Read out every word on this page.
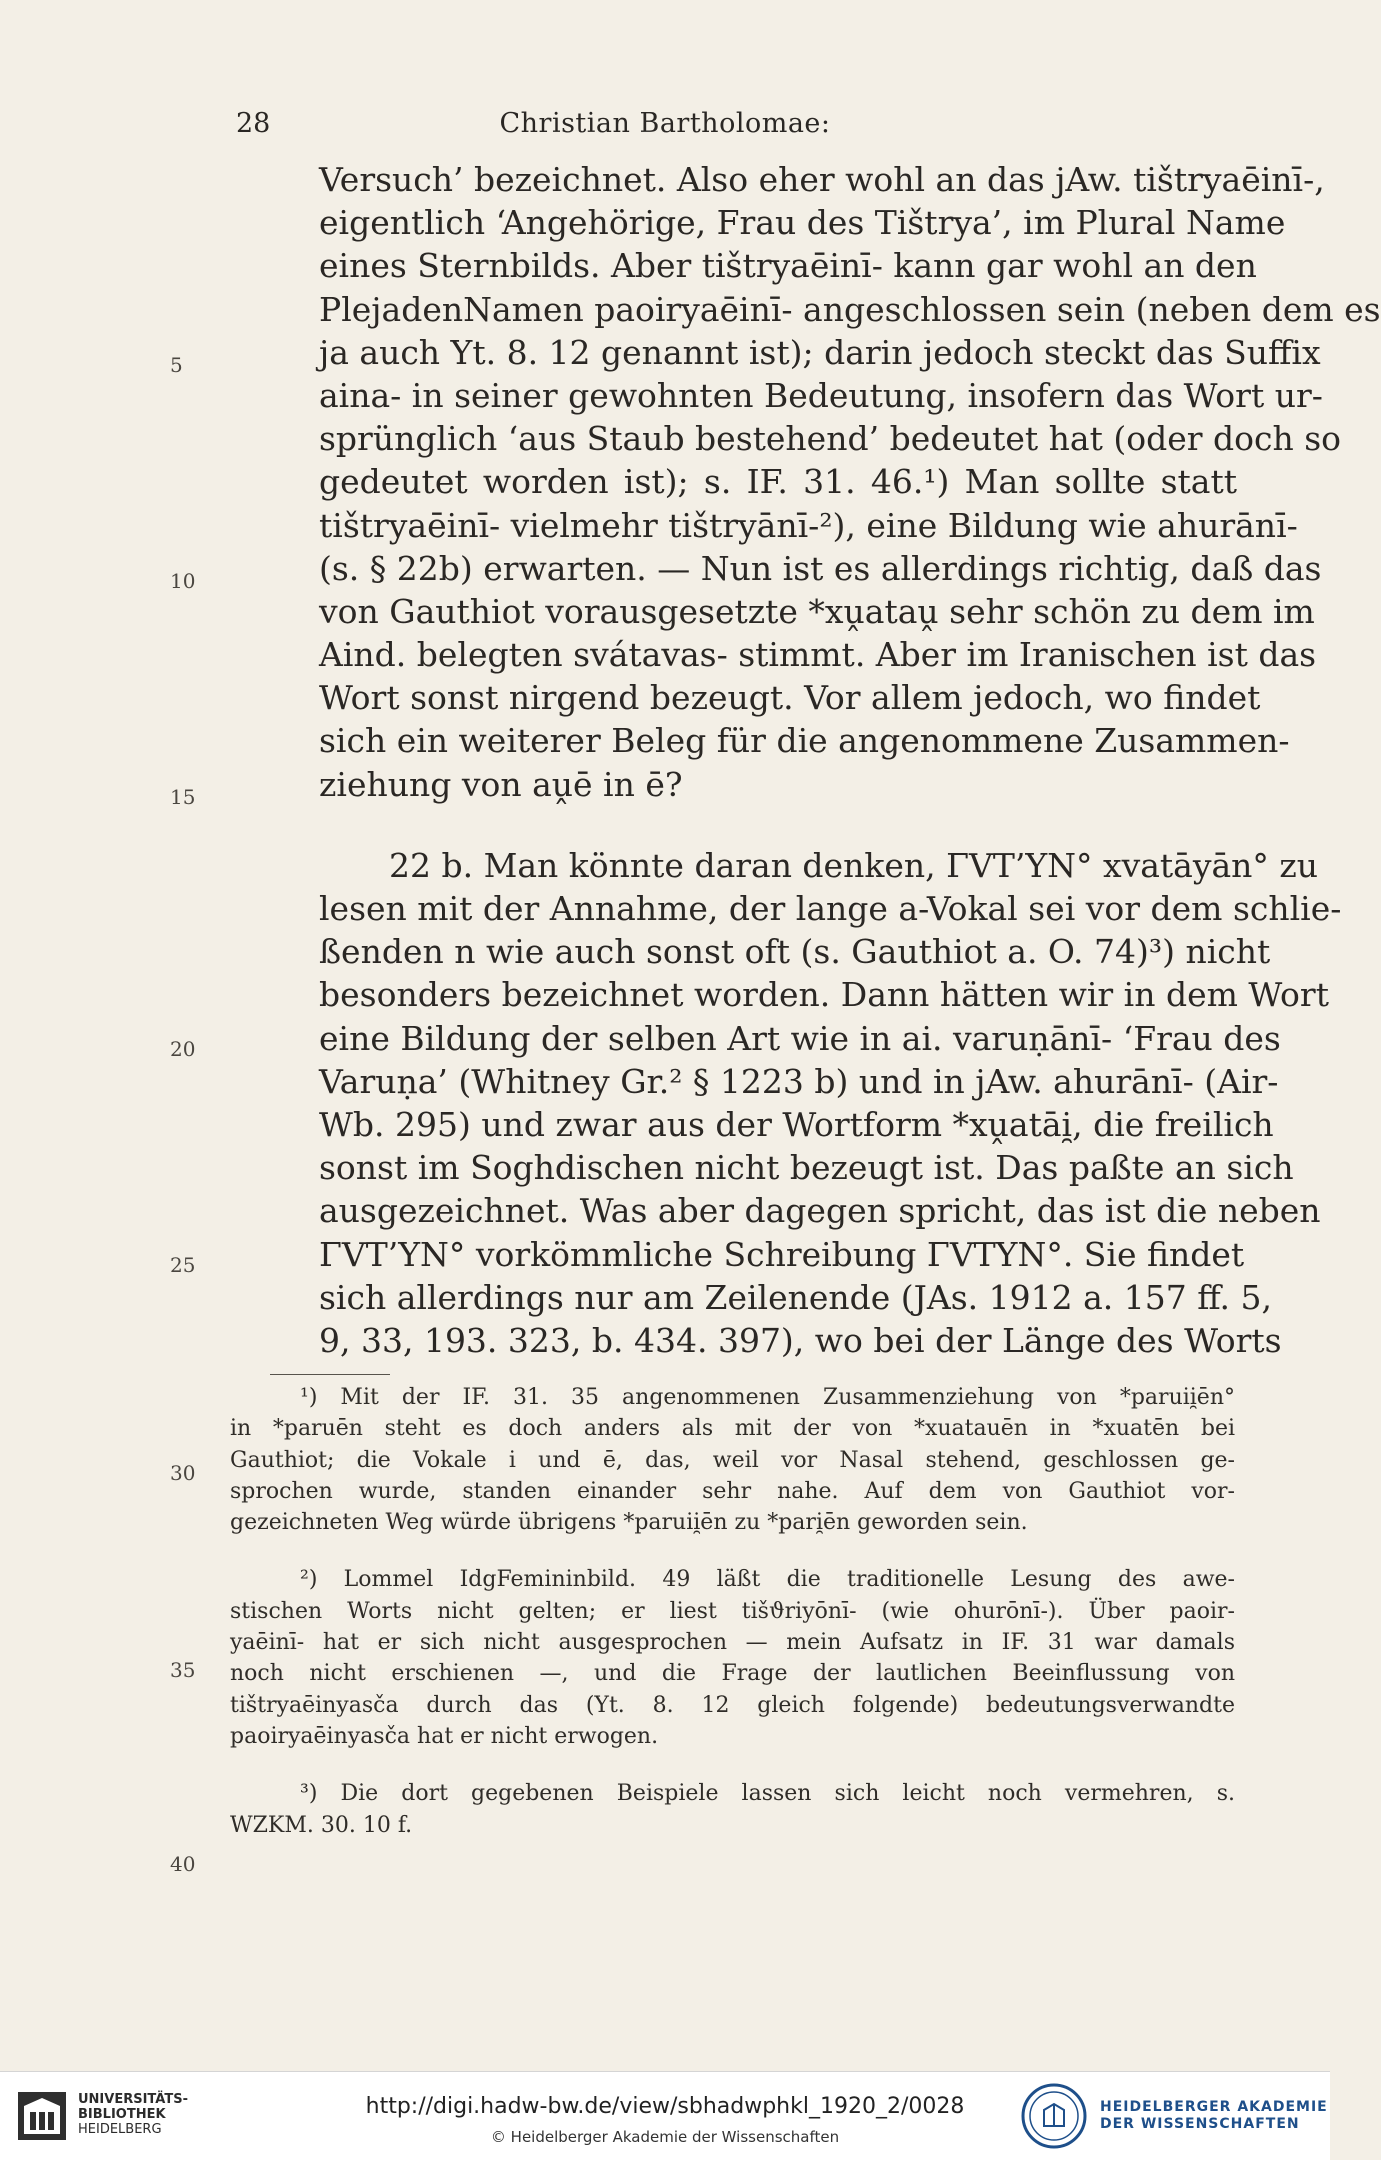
28	Christian Bartholomae:
Versuch’ bezeichnet. Also eher wohl an das jAw. tištryaēinī-,
eigentlich ‘Angehörige, Frau des Tištrya’, im Plural Name
eines Sternbilds. Aber tištryaēinī- kann gar wohl an den
PlejadenNamen paoiryaēinī- angeschlossen sein (neben dem es
ja auch Yt. 8. 12 genannt ist); darin jedoch steckt das Suffix
aina- in seiner gewohnten Bedeutung, insofern das Wort ur-
sprünglich ‘aus Staub bestehend’ bedeutet hat (oder doch so
gedeutet worden ist); s. IF. 31. 46.¹) Man sollte statt
tištryaēinī- vielmehr tištryānī-²), eine Bildung wie ahurānī-
(s. § 22b) erwarten. — Nun ist es allerdings richtig, daß das
von Gauthiot vorausgesetzte *xṷataṷ sehr schön zu dem im
Aind. belegten svátavas- stimmt. Aber im Iranischen ist das
Wort sonst nirgend bezeugt. Vor allem jedoch, wo findet
sich ein weiterer Beleg für die angenommene Zusammen-
ziehung von aṷē in ē?
22 b. Man könnte daran denken, ΓVT’YN° xvatāyān° zu
lesen mit der Annahme, der lange a-Vokal sei vor dem schlie-
ßenden n wie auch sonst oft (s. Gauthiot a. O. 74)³) nicht
besonders bezeichnet worden. Dann hätten wir in dem Wort
eine Bildung der selben Art wie in ai. varuṇānī- ‘Frau des
Varuṇa’ (Whitney Gr.² § 1223 b) und in jAw. ahurānī- (Air-
Wb. 295) und zwar aus der Wortform *xṷatāi̯, die freilich
sonst im Soghdischen nicht bezeugt ist. Das paßte an sich
ausgezeichnet. Was aber dagegen spricht, das ist die neben
ΓVT’YN° vorkömmliche Schreibung ΓVTYN°. Sie findet
sich allerdings nur am Zeilenende (JAs. 1912 a. 157 ff. 5,
9, 33, 193. 323, b. 434. 397), wo bei der Länge des Worts
5
10
15
20
25
30
35
40
¹) Mit der IF. 31. 35 angenommenen Zusammenziehung von *paruii̯ēn°
in *paruēn steht es doch anders als mit der von *xuatauēn in *xuatēn bei
Gauthiot; die Vokale i und ē, das, weil vor Nasal stehend, geschlossen ge-
sprochen wurde, standen einander sehr nahe. Auf dem von Gauthiot vor-
gezeichneten Weg würde übrigens *paruii̯ēn zu *pari̯ēn geworden sein.
²) Lommel IdgFemininbild. 49 läßt die traditionelle Lesung des awe-
stischen Worts nicht gelten; er liest tišϑriyōnī- (wie ohurōnī-). Über paoir-
yaēinī- hat er sich nicht ausgesprochen — mein Aufsatz in IF. 31 war damals
noch nicht erschienen —, und die Frage der lautlichen Beeinflussung von
tištryaēinyasča durch das (Yt. 8. 12 gleich folgende) bedeutungsverwandte
paoiryaēinyasča hat er nicht erwogen.
³) Die dort gegebenen Beispiele lassen sich leicht noch vermehren, s.
WZKM. 30. 10 f.
UNIVERSITÄTS-
BIBLIOTHEK
HEIDELBERG
http://digi.hadw-bw.de/view/sbhadwphkl_1920_2/0028
© Heidelberger Akademie der Wissenschaften
HEIDELBERGER AKADEMIE
DER WISSENSCHAFTEN
